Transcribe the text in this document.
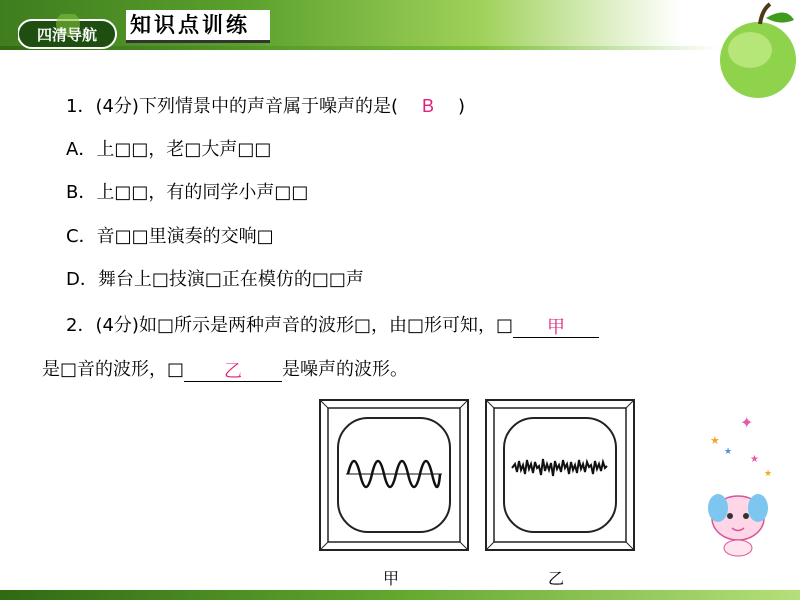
四清导航 知识点训练
1．(4分)下列情景中的声音属于噪声的是( B )
A．上□□，老□大声□□
B．上□□，有的同学小声□□
C．音□□里演奏的交响□
D．舞台上□技演□正在模仿的□□声
2．(4分)如□所示是两种声音的波形□，由□形可知，□ 甲
是□音的波形，□ 乙 是噪声的波形。
甲	乙
✦
★
★
★
★
